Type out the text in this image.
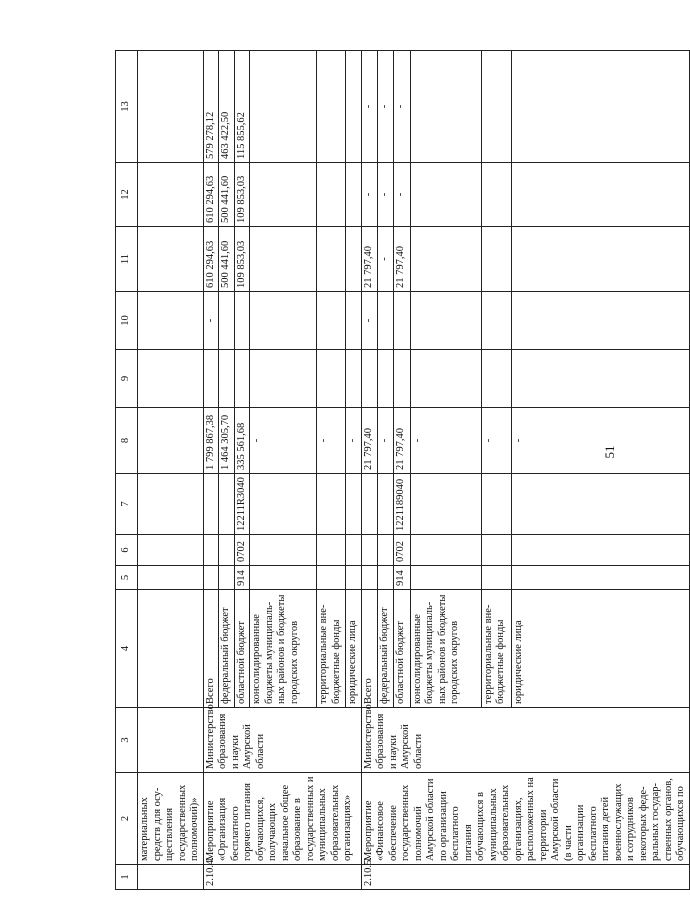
51
1	2	3	4	5	6	7	8	9	10	11	12	13
	материальных средств для осуществления государственных полномочий)»											
2.10.4.	Мероприятие «Организация бесплатного горячего питания обучающихся, получающих начальное общее образование в государственных и муниципальных образовательных организациях»	Министерство образования и науки Амурской области	Всего				1 799 867,38		-	610 294,63	610 294,63	579 278,12
			федеральный бюджет				1 464 305,70			500 441,60	500 441,60	463 422,50
			областной бюджет	914	0702	12211R3040	335 561,68			109 853,03	109 853,03	115 855,62
			консолидированные бюджеты муниципальных районов и бюджеты городских округов				-					
			территориальные внебюджетные фонды				-					
			юридические лица				-					
2.10.5.	Мероприятие «Финансовое обеспечение государственных полномочий Амурской области по организации бесплатного питания обучающихся в муниципальных образовательных организациях, расположенных на территории Амурской области (в части организации бесплатного питания детей военнослужащих и сотрудников некоторых федеральных государственных органов, обучающихся по	Министерство образования и науки Амурской области	Всего				21 797,40		-	21 797,40	-	-
			федеральный бюджет				-			-	-	-
			областной бюджет	914	0702	1221189040	21 797,40			21 797,40	-	-
			консолидированные бюджеты муниципальных районов и бюджеты городских округов				-					
			территориальные внебюджетные фонды				-					
			юридические лица				-					
